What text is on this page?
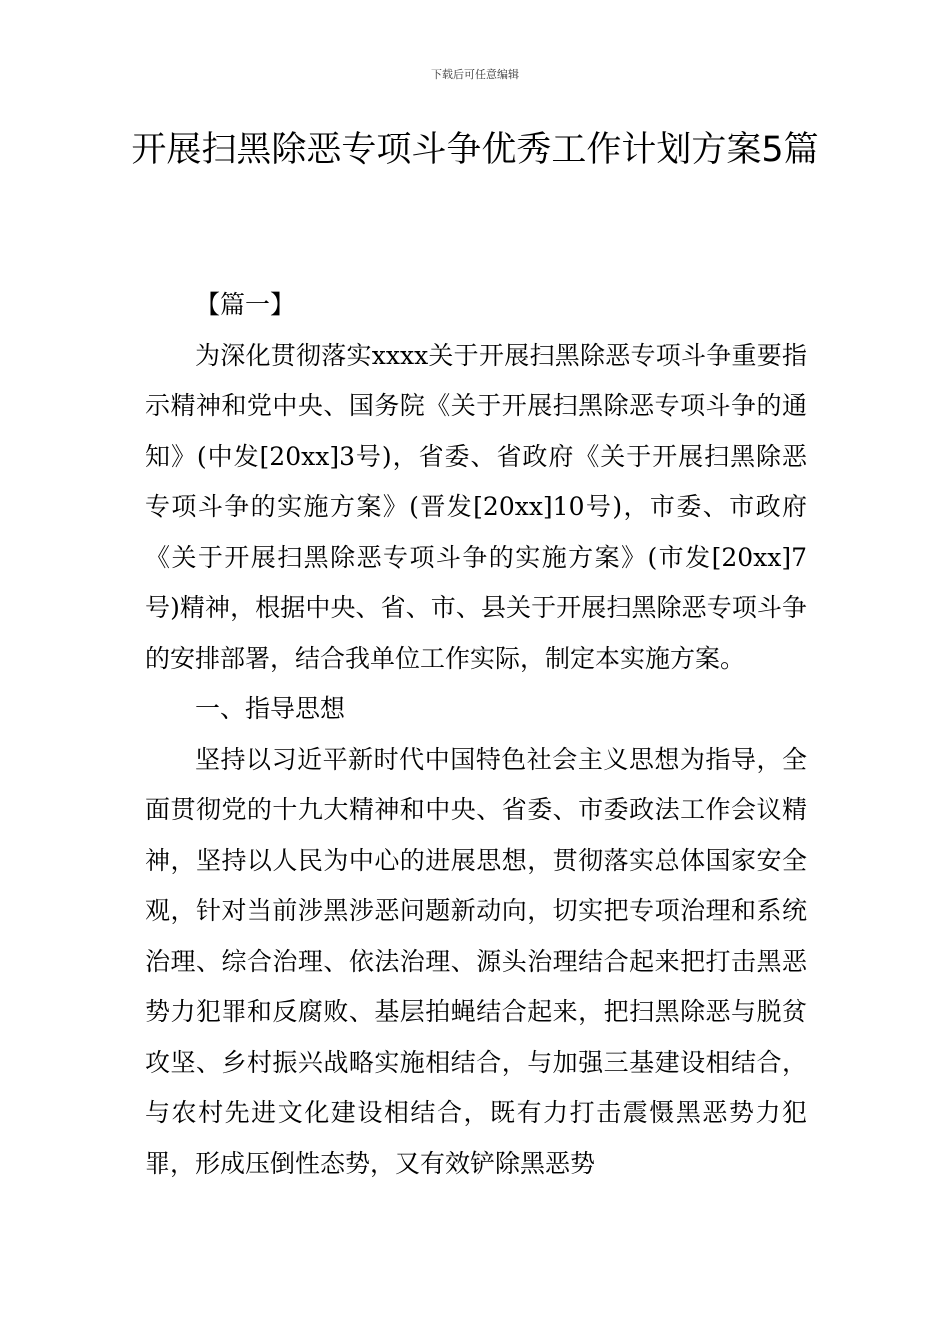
下载后可任意编辑
开展扫黑除恶专项斗争优秀工作计划方案5篇

【篇一】

为深化贯彻落实xxxx关于开展扫黑除恶专项斗争重要指示精神和党中央、国务院《关于开展扫黑除恶专项斗争的通知》(中发[20xx]3号)，省委、省政府《关于开展扫黑除恶专项斗争的实施方案》(晋发[20xx]10号)，市委、市政府《关于开展扫黑除恶专项斗争的实施方案》(市发[20xx]7号)精神，根据中央、省、市、县关于开展扫黑除恶专项斗争的安排部署，结合我单位工作实际，制定本实施方案。

一、指导思想

坚持以习近平新时代中国特色社会主义思想为指导，全面贯彻党的十九大精神和中央、省委、市委政法工作会议精神，坚持以人民为中心的进展思想，贯彻落实总体国家安全观，针对当前涉黑涉恶问题新动向，切实把专项治理和系统治理、综合治理、依法治理、源头治理结合起来把打击黑恶势力犯罪和反腐败、基层拍蝇结合起来，把扫黑除恶与脱贫攻坚、乡村振兴战略实施相结合，与加强三基建设相结合，与农村先进文化建设相结合，既有力打击震慑黑恶势力犯罪，形成压倒性态势，又有效铲除黑恶势
